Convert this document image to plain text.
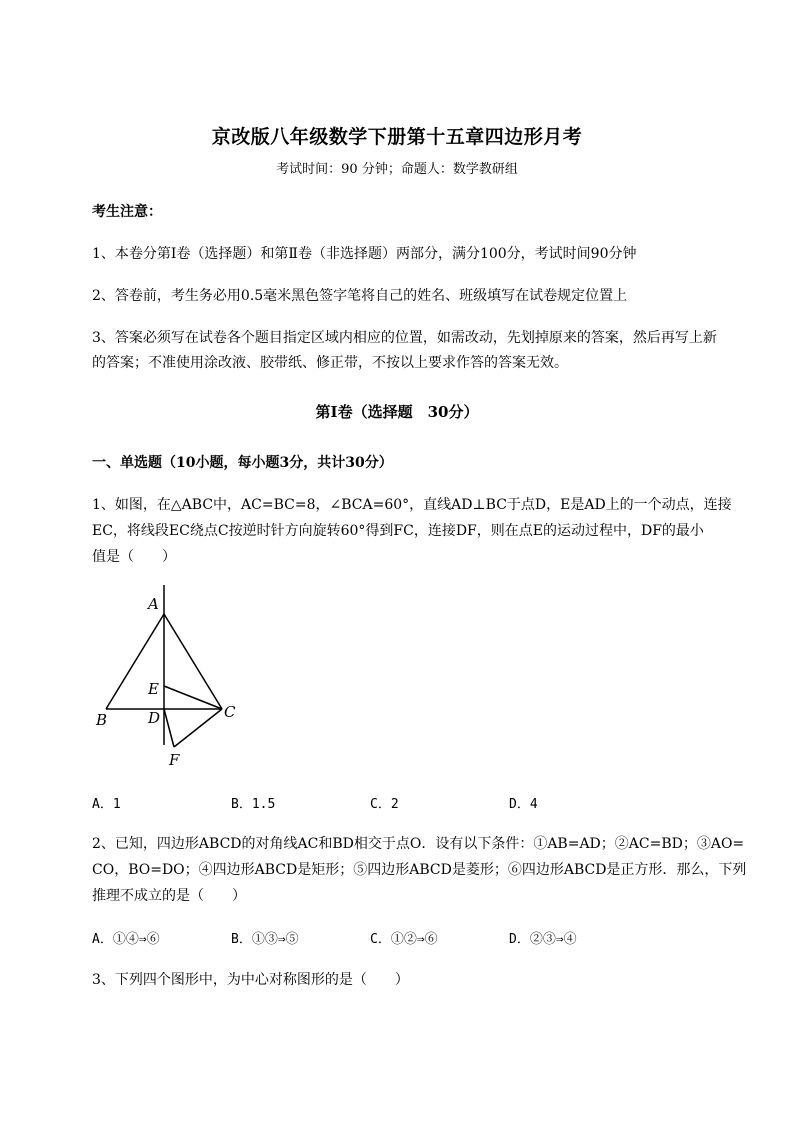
京改版八年级数学下册第十五章四边形月考
考试时间：90 分钟；命题人：数学教研组
考生注意：
1、本卷分第Ⅰ卷（选择题）和第Ⅱ卷（非选择题）两部分，满分100分，考试时间90分钟
2、答卷前，考生务必用0.5毫米黑色签字笔将自己的姓名、班级填写在试卷规定位置上
3、答案必须写在试卷各个题目指定区域内相应的位置，如需改动，先划掉原来的答案，然后再写上新
的答案；不准使用涂改液、胶带纸、修正带，不按以上要求作答的答案无效。
第Ⅰ卷（选择题　30分）
一、单选题（10小题，每小题3分，共计30分）
1、如图，在△ABC中，AC=BC=8，∠BCA=60°，直线AD⊥BC于点D，E是AD上的一个动点，连接
EC，将线段EC绕点C按逆时针方向旋转60°得到FC，连接DF，则在点E的运动过程中，DF的最小
值是（　　）
A
B	C
D
E
F
A．1	B．1.5	C．2	D．4
2、已知，四边形ABCD的对角线AC和BD相交于点O．设有以下条件：①AB=AD；②AC=BD；③AO=
CO，BO=DO；④四边形ABCD是矩形；⑤四边形ABCD是菱形；⑥四边形ABCD是正方形．那么，下列
推理不成立的是（　　）
A．①④⇒⑥	B．①③⇒⑤	C．①②⇒⑥	D．②③⇒④
3、下列四个图形中，为中心对称图形的是（　　）
